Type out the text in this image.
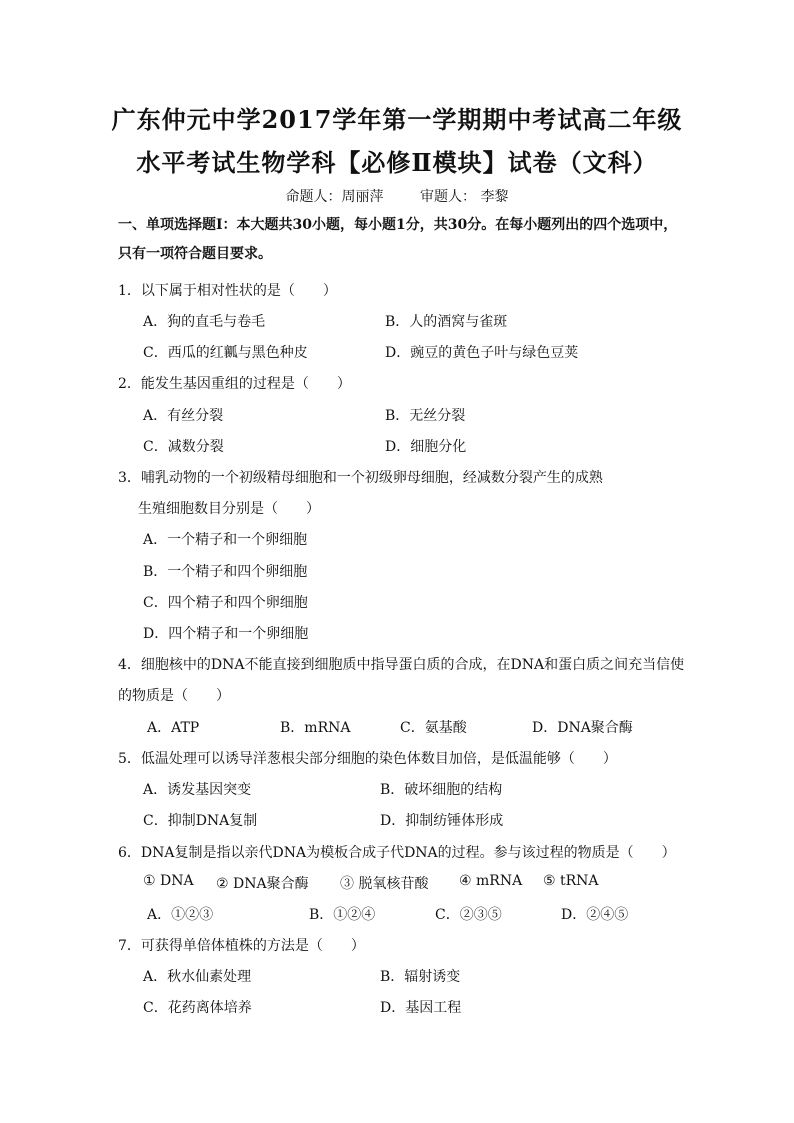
广东仲元中学2017学年第一学期期中考试高二年级
水平考试生物学科【必修Ⅱ模块】试卷（文科）
命题人：周丽萍	审题人： 李黎
一、单项选择题Ⅰ：本大题共30小题，每小题1分，共30分。在每小题列出的四个选项中，
只有一项符合题目要求。
1．以下属于相对性状的是（　　）
A．狗的直毛与卷毛	B．人的酒窝与雀斑
C．西瓜的红瓤与黑色种皮	D．豌豆的黄色子叶与绿色豆荚
2．能发生基因重组的过程是（　　）
A．有丝分裂	B．无丝分裂
C．减数分裂	D．细胞分化
3．哺乳动物的一个初级精母细胞和一个初级卵母细胞，经减数分裂产生的成熟
生殖细胞数目分别是（　　）
A．一个精子和一个卵细胞
B．一个精子和四个卵细胞
C．四个精子和四个卵细胞
D．四个精子和一个卵细胞
4．细胞核中的DNA不能直接到细胞质中指导蛋白质的合成，在DNA和蛋白质之间充当信使
的物质是（　　）
A．ATP	B．mRNA	C．氨基酸	D．DNA聚合酶
5．低温处理可以诱导洋葱根尖部分细胞的染色体数目加倍，是低温能够（　　）
A．诱发基因突变	B．破坏细胞的结构
C．抑制DNA复制	D．抑制纺锤体形成
6．DNA复制是指以亲代DNA为模板合成子代DNA的过程。参与该过程的物质是（　　）
① DNA ② DNA聚合酶 ③ 脱氧核苷酸 ④ mRNA ⑤ tRNA
A．①②③	B．①②④	C．②③⑤	D．②④⑤
7．可获得单倍体植株的方法是（　　）
A．秋水仙素处理	B．辐射诱变
C．花药离体培养	D．基因工程
